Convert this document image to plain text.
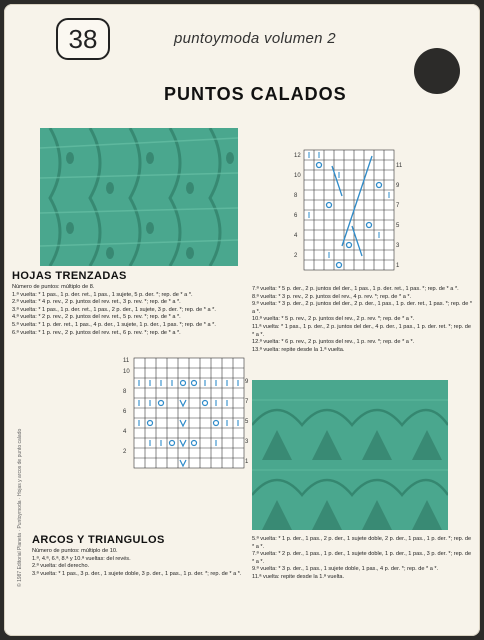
38	puntoymoda volumen 2
PUNTOS CALADOS
© 1987 Editorial Planeta · Puntoymoda · Hojas y arcos de punto calado
12
11
10
9
8
7
6
5
4
3
2
1
HOJAS TRENZADAS
Número de puntos: múltiplo de 8.
1.ª vuelta: * 1 pas., 1 p. der. ret., 1 pas., 1 sujete, 5 p. der. *; rep. de * a *.
2.ª vuelta: * 4 p. rev., 2 p. juntos del rev. ret., 3 p. rev. *; rep. de * a *.
3.ª vuelta: * 1 pas., 1 p. der. ret., 1 pas., 2 p. der., 1 sujete, 3 p. der. *; rep. de * a *.
4.ª vuelta: * 2 p. rev., 2 p. juntos del rev. ret., 5 p. rev. *; rep. de * a *.
5.ª vuelta: * 1 p. der. ret., 1 pas., 4 p. der., 1 sujete, 1 p. der., 1 pas. *; rep. de * a *.
6.ª vuelta: * 1 p. rev., 2 p. juntos del rev. ret., 6 p. rev. *; rep. de * a *.
7.ª vuelta: * 5 p. der., 2 p. juntos del der., 1 pas., 1 p. der. ret., 1 pas. *; rep. de * a *.
8.ª vuelta: * 3 p. rev., 2 p. juntos del rev., 4 p. rev. *; rep. de * a *.
9.ª vuelta: * 3 p. der., 2 p. juntos del der., 2 p. der., 1 pas., 1 p. der. ret., 1 pas. *; rep. de * a *.
10.ª vuelta: * 5 p. rev., 2 p. juntos del rev., 2 p. rev. *; rep. de * a *.
11.ª vuelta: * 1 pas., 1 p. der., 2 p. juntos del der., 4 p. der., 1 pas., 1 p. der. ret. *; rep. de * a *.
12.ª vuelta: * 6 p. rev., 2 p. juntos del rev., 1 p. rev. *; rep. de * a *.
13.ª vuelta: repite desde la 1.ª vuelta.
11
10
9
8
7
6
5
4
3
2
1
ARCOS Y TRIANGULOS
Número de puntos: múltiplo de 10.
1.ª, 4.ª, 6.ª, 8.ª y 10.ª vueltas: del revés.
2.ª vuelta: del derecho.
3.ª vuelta: * 1 pas., 3 p. der., 1 sujete doble, 3 p. der., 1 pas., 1 p. der. *; rep. de * a *.
5.ª vuelta: * 1 p. der., 1 pas., 2 p. der., 1 sujete doble, 2 p. der., 1 pas., 1 p. der. *; rep. de * a *.
7.ª vuelta: * 2 p. der., 1 pas., 1 p. der., 1 sujete doble, 1 p. der., 1 pas., 3 p. der. *; rep. de * a *.
9.ª vuelta: * 3 p. der., 1 pas., 1 sujete doble, 1 pas., 4 p. der. *; rep. de * a *.
11.ª vuelta: repite desde la 1.ª vuelta.
